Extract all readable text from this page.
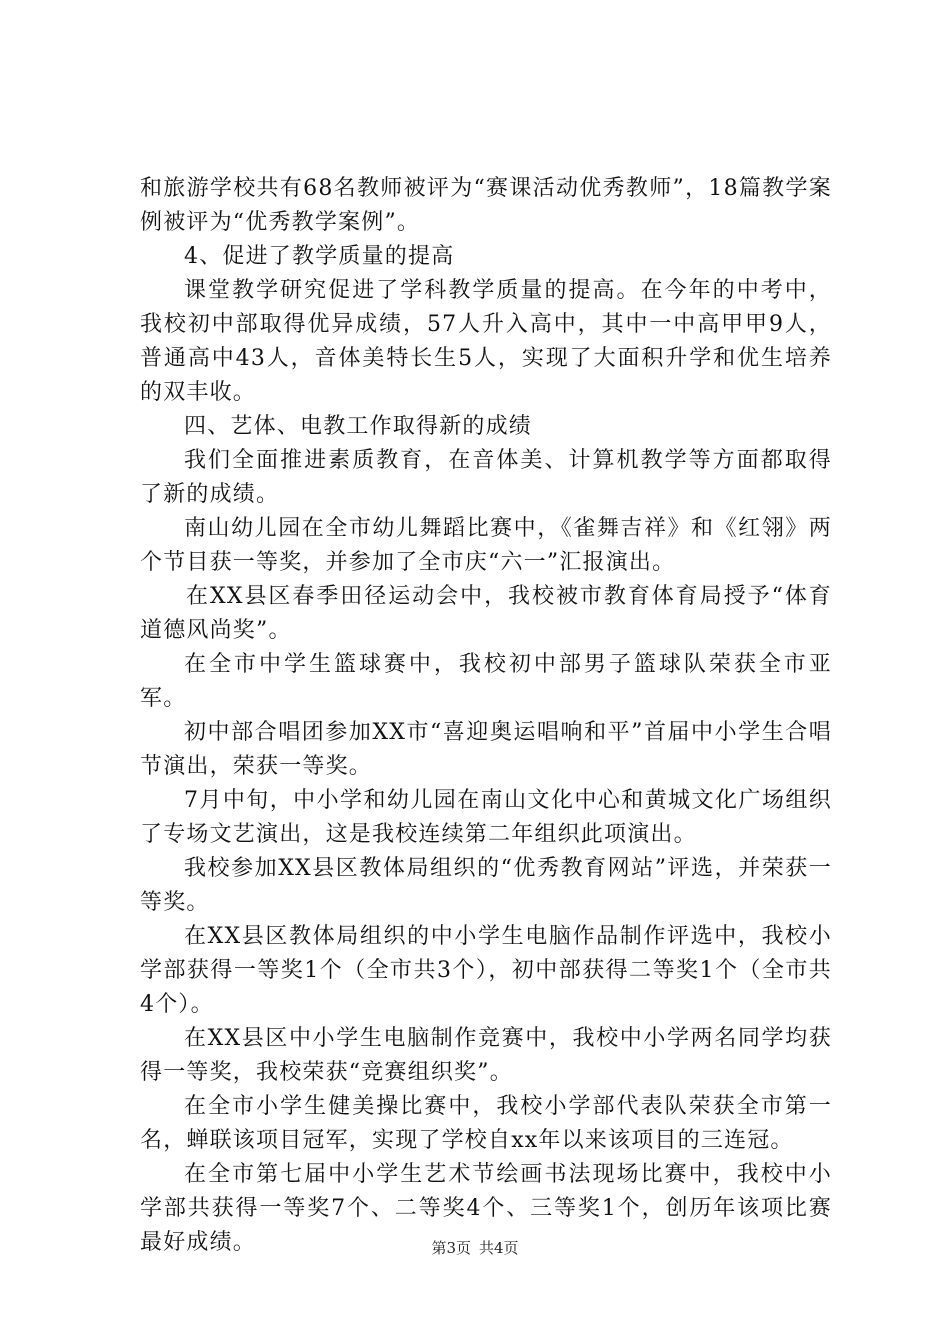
和旅游学校共有68名教师被评为“赛课活动优秀教师”，18篇教学案例被评为“优秀教学案例”。

4、促进了教学质量的提高

课堂教学研究促进了学科教学质量的提高。在今年的中考中，我校初中部取得优异成绩，57人升入高中，其中一中高甲甲9人，普通高中43人，音体美特长生5人，实现了大面积升学和优生培养的双丰收。

四、艺体、电教工作取得新的成绩

我们全面推进素质教育，在音体美、计算机教学等方面都取得了新的成绩。

南山幼儿园在全市幼儿舞蹈比赛中，《雀舞吉祥》和《红翎》两个节目获一等奖，并参加了全市庆“六一”汇报演出。

在XX县区春季田径运动会中，我校被市教育体育局授予“体育道德风尚奖”。

在全市中学生篮球赛中，我校初中部男子篮球队荣获全市亚军。

初中部合唱团参加XX市“喜迎奥运唱响和平”首届中小学生合唱节演出，荣获一等奖。

7月中旬，中小学和幼儿园在南山文化中心和黄城文化广场组织了专场文艺演出，这是我校连续第二年组织此项演出。

我校参加XX县区教体局组织的“优秀教育网站”评选，并荣获一等奖。

在XX县区教体局组织的中小学生电脑作品制作评选中，我校小学部获得一等奖1个（全市共3个），初中部获得二等奖1个（全市共4个）。

在XX县区中小学生电脑制作竞赛中，我校中小学两名同学均获得一等奖，我校荣获“竞赛组织奖”。

在全市小学生健美操比赛中，我校小学部代表队荣获全市第一名，蝉联该项目冠军，实现了学校自xx年以来该项目的三连冠。

在全市第七届中小学生艺术节绘画书法现场比赛中，我校中小学部共获得一等奖7个、二等奖4个、三等奖1个，创历年该项比赛最好成绩。	第3页 共4页
